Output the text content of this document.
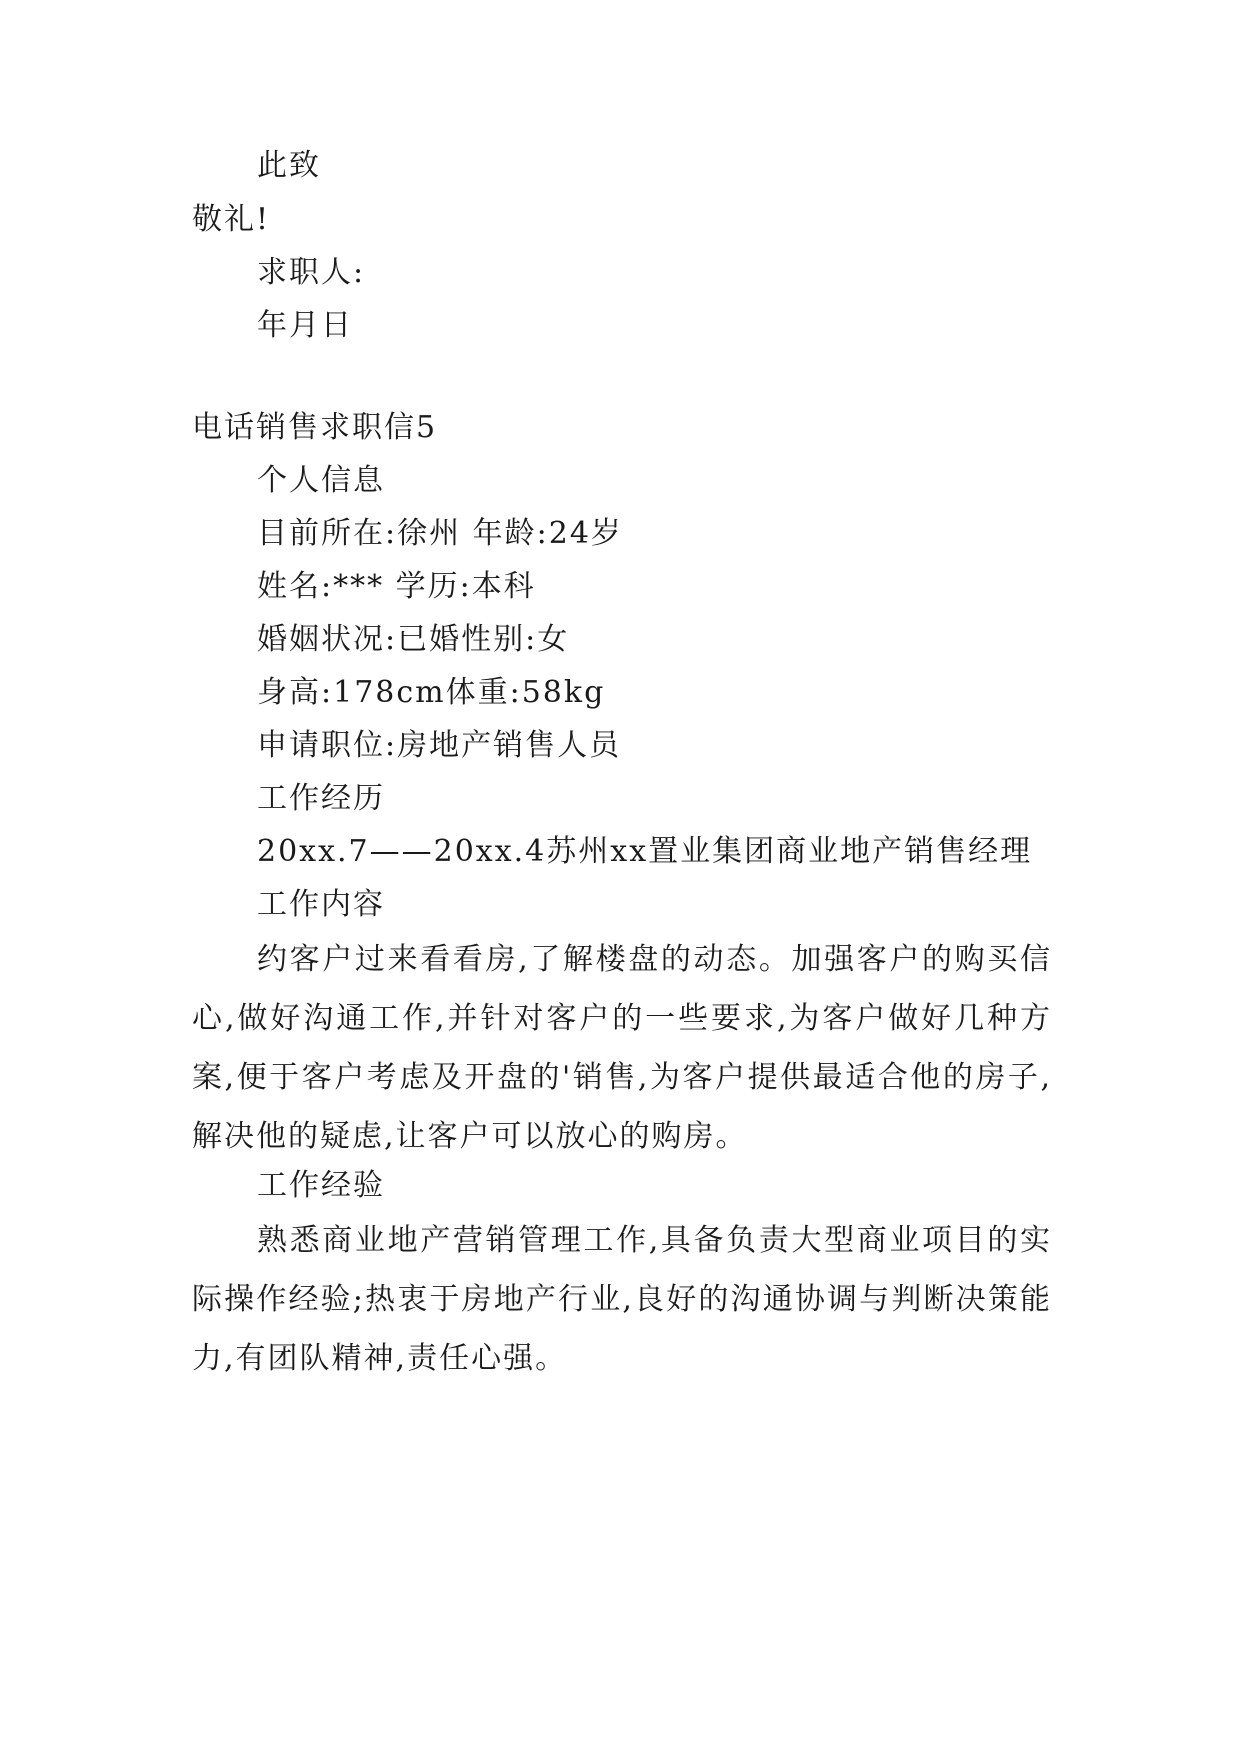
此致
敬礼!
求职人:
年月日
电话销售求职信5
个人信息
目前所在:徐州 年龄:24岁
姓名:*** 学历:本科
婚姻状况:已婚性别:女
身高:178cm体重:58kg
申请职位:房地产销售人员
工作经历
20xx.7——20xx.4苏州xx置业集团商业地产销售经理
工作内容
约客户过来看看房,了解楼盘的动态。加强客户的购买信心,做好沟通工作,并针对客户的一些要求,为客户做好几种方案,便于客户考虑及开盘的'销售,为客户提供最适合他的房子,解决他的疑虑,让客户可以放心的购房。
工作经验
熟悉商业地产营销管理工作,具备负责大型商业项目的实际操作经验;热衷于房地产行业,良好的沟通协调与判断决策能力,有团队精神,责任心强。
